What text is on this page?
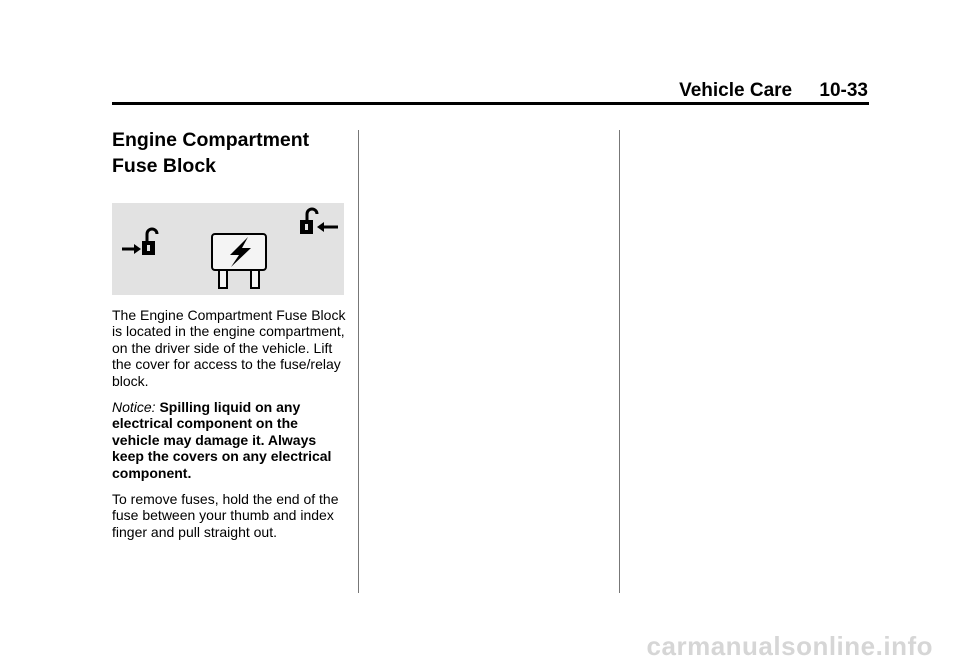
Vehicle Care 10-33
Engine Compartment
Fuse Block

The Engine Compartment Fuse Block is located in the engine compartment, on the driver side of the vehicle. Lift the cover for access to the fuse/relay block.

Notice: Spilling liquid on any electrical component on the vehicle may damage it. Always keep the covers on any electrical component.

To remove fuses, hold the end of the fuse between your thumb and index finger and pull straight out.

carmanualsonline.info
